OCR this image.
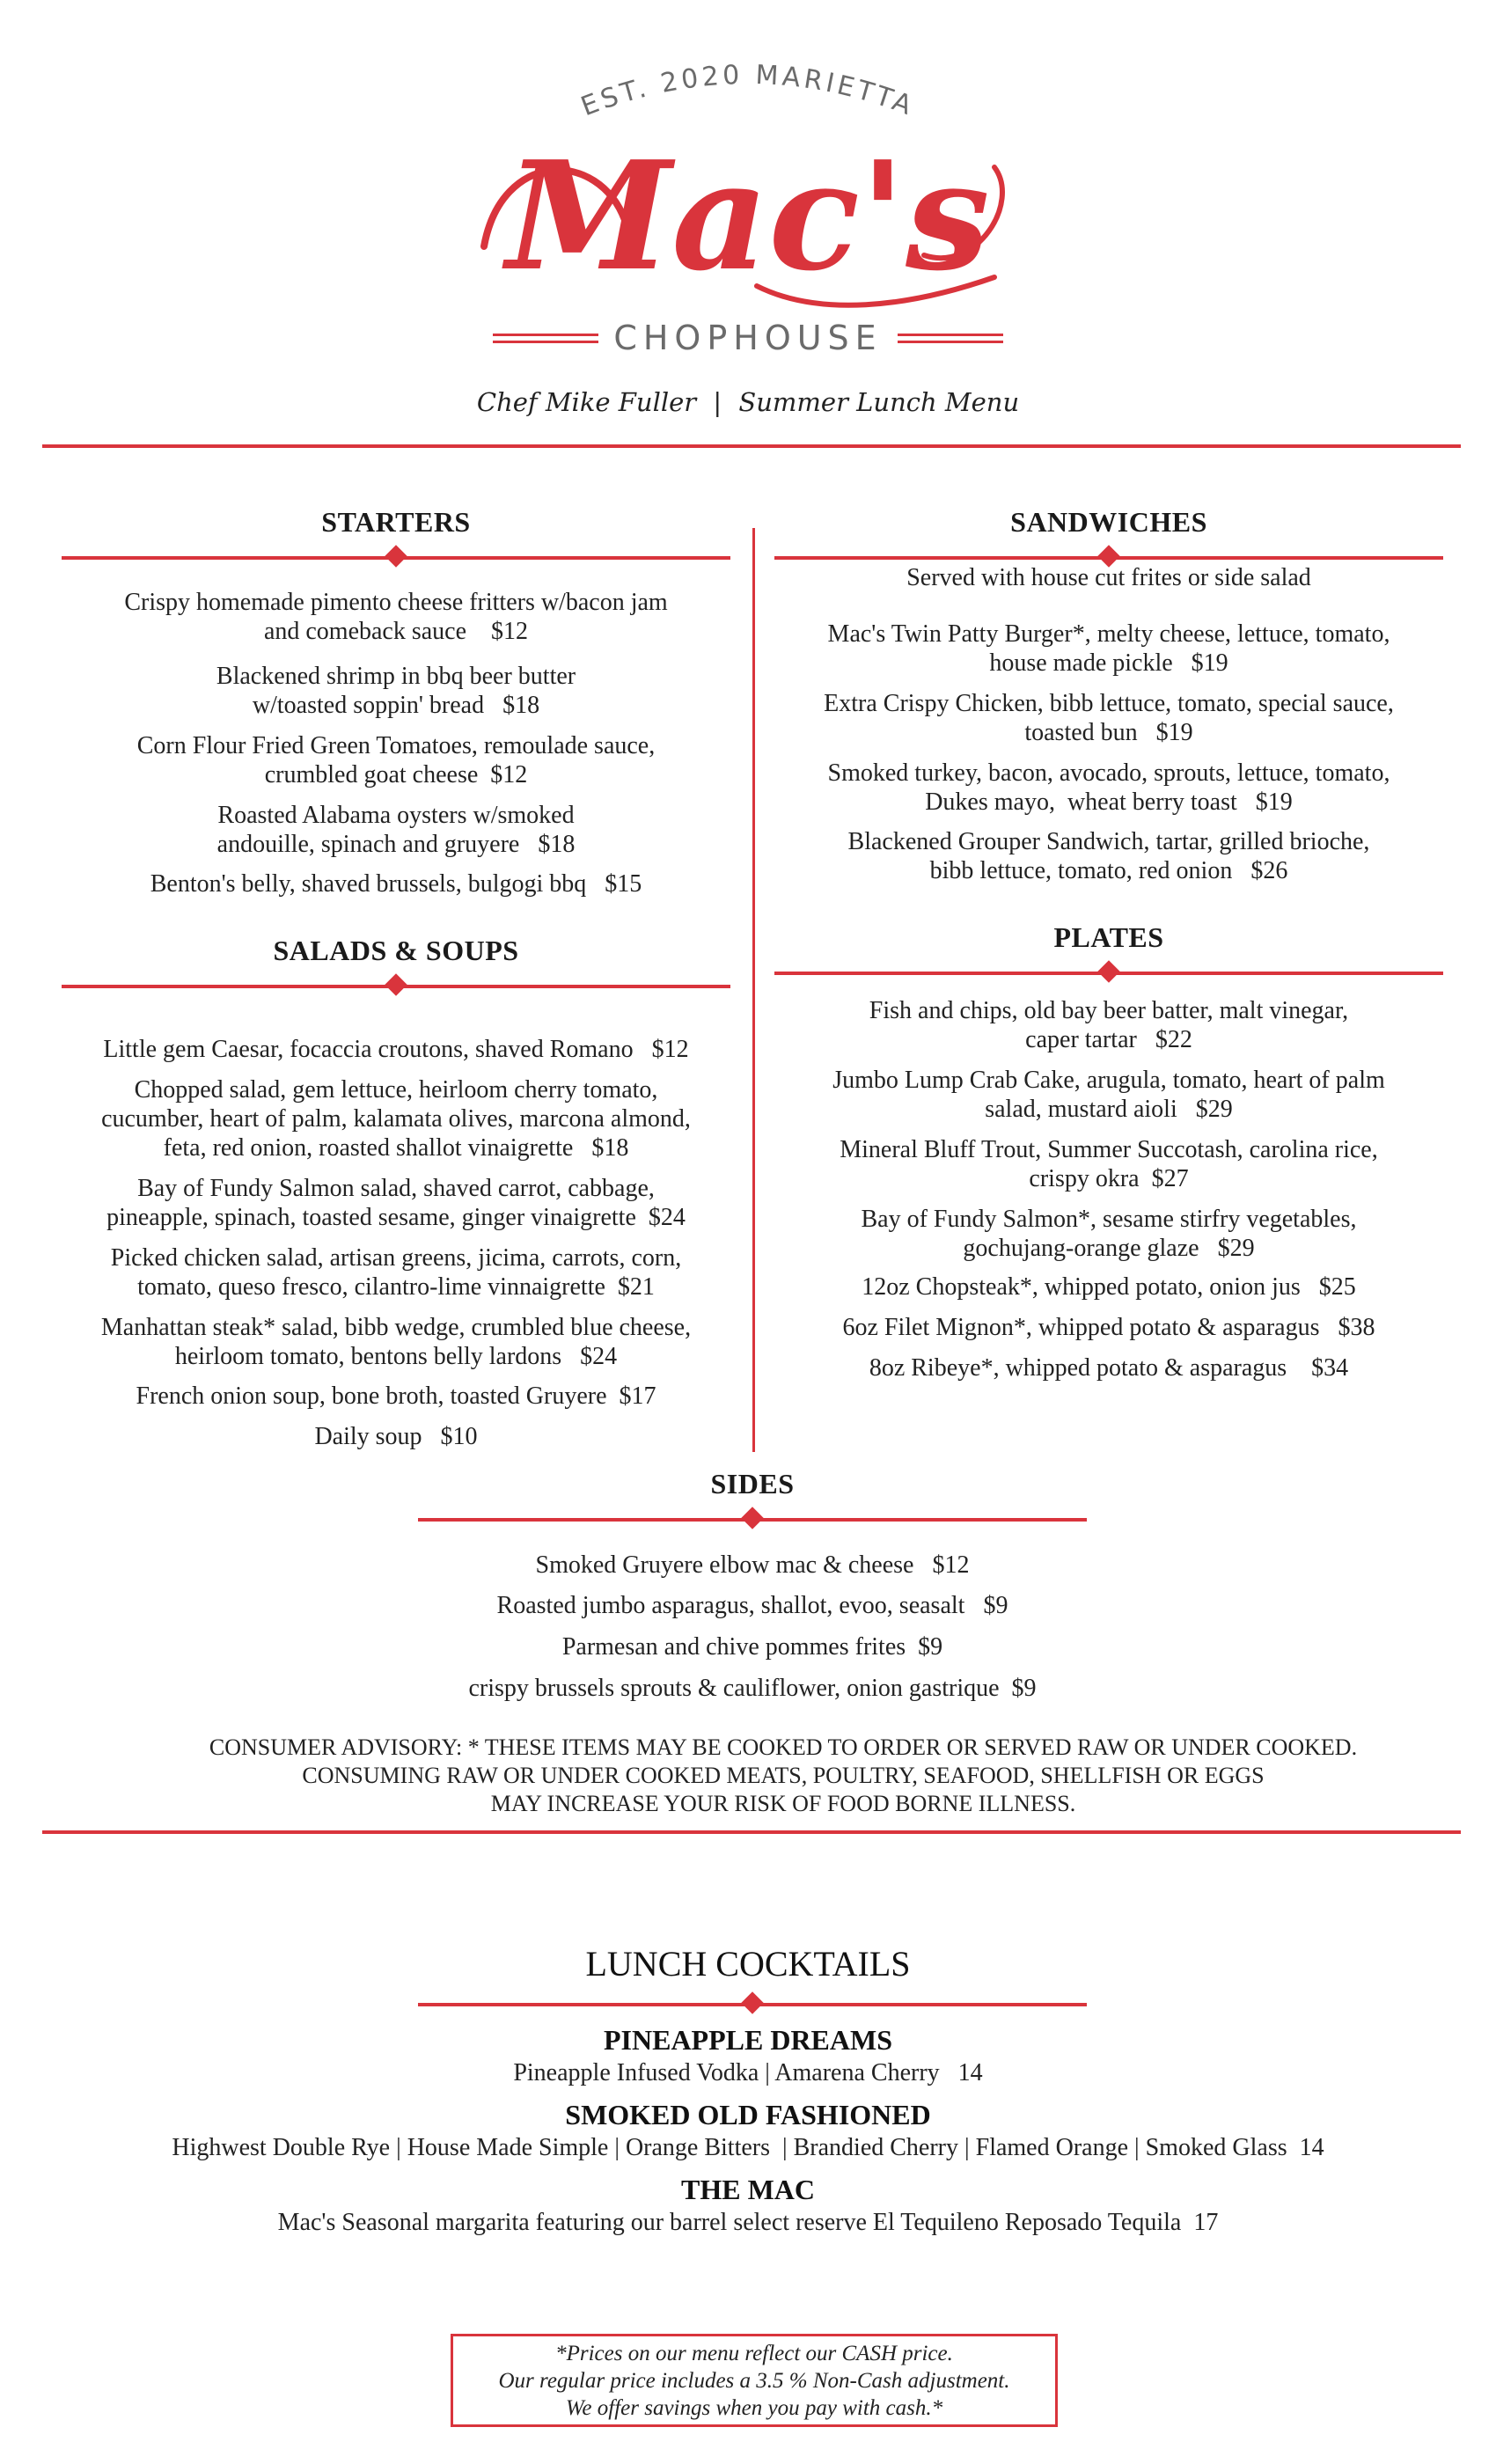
EST. 2020 MARIETTA
Mac's
CHOPHOUSE
Chef Mike Fuller | Summer Lunch Menu
STARTERS
Crispy homemade pimento cheese fritters w/bacon jam
and comeback sauce    $12
Blackened shrimp in bbq beer butter
w/toasted soppin' bread   $18
Corn Flour Fried Green Tomatoes, remoulade sauce,
crumbled goat cheese  $12
Roasted Alabama oysters w/smoked
andouille, spinach and gruyere   $18
Benton's belly, shaved brussels, bulgogi bbq   $15
SALADS & SOUPS
Little gem Caesar, focaccia croutons, shaved Romano   $12
Chopped salad, gem lettuce, heirloom cherry tomato,
cucumber, heart of palm, kalamata olives, marcona almond,
feta, red onion, roasted shallot vinaigrette   $18
Bay of Fundy Salmon salad, shaved carrot, cabbage,
pineapple, spinach, toasted sesame, ginger vinaigrette  $24
Picked chicken salad, artisan greens, jicima, carrots, corn,
tomato, queso fresco, cilantro-lime vinnaigrette  $21
Manhattan steak* salad, bibb wedge, crumbled blue cheese,
heirloom tomato, bentons belly lardons   $24
French onion soup, bone broth, toasted Gruyere  $17
Daily soup   $10
SANDWICHES
Served with house cut frites or side salad
Mac's Twin Patty Burger*, melty cheese, lettuce, tomato,
house made pickle   $19
Extra Crispy Chicken, bibb lettuce, tomato, special sauce,
toasted bun   $19
Smoked turkey, bacon, avocado, sprouts, lettuce, tomato,
Dukes mayo,  wheat berry toast   $19
Blackened Grouper Sandwich, tartar, grilled brioche,
bibb lettuce, tomato, red onion   $26
PLATES
Fish and chips, old bay beer batter, malt vinegar,
caper tartar   $22
Jumbo Lump Crab Cake, arugula, tomato, heart of palm
salad, mustard aioli   $29
Mineral Bluff Trout, Summer Succotash, carolina rice,
crispy okra  $27
Bay of Fundy Salmon*, sesame stirfry vegetables,
gochujang-orange glaze   $29
12oz Chopsteak*, whipped potato, onion jus   $25
6oz Filet Mignon*, whipped potato & asparagus   $38
8oz Ribeye*, whipped potato & asparagus    $34
SIDES
Smoked Gruyere elbow mac & cheese   $12
Roasted jumbo asparagus, shallot, evoo, seasalt   $9
Parmesan and chive pommes frites  $9
crispy brussels sprouts & cauliflower, onion gastrique  $9
CONSUMER ADVISORY: * THESE ITEMS MAY BE COOKED TO ORDER OR SERVED RAW OR UNDER COOKED.
CONSUMING RAW OR UNDER COOKED MEATS, POULTRY, SEAFOOD, SHELLFISH OR EGGS
MAY INCREASE YOUR RISK OF FOOD BORNE ILLNESS.
LUNCH COCKTAILS
PINEAPPLE DREAMS
Pineapple Infused Vodka | Amarena Cherry   14
SMOKED OLD FASHIONED
Highwest Double Rye | House Made Simple | Orange Bitters  | Brandied Cherry | Flamed Orange | Smoked Glass  14
THE MAC
Mac's Seasonal margarita featuring our barrel select reserve El Tequileno Reposado Tequila  17
*Prices on our menu reflect our CASH price.
Our regular price includes a 3.5 % Non-Cash adjustment.
We offer savings when you pay with cash.*
